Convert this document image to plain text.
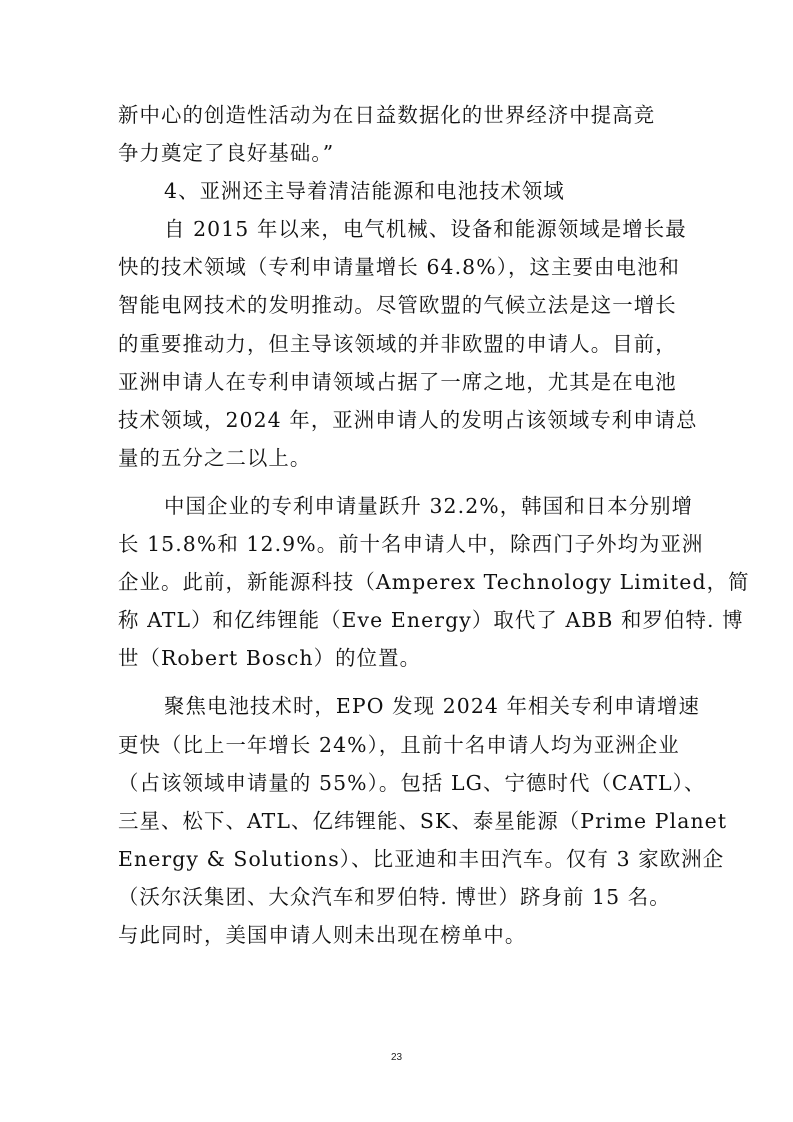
新中心的创造性活动为在日益数据化的世界经济中提高竞
争力奠定了良好基础。”
4、亚洲还主导着清洁能源和电池技术领域
自 2015 年以来，电气机械、设备和能源领域是增长最
快的技术领域（专利申请量增长 64.8%），这主要由电池和
智能电网技术的发明推动。尽管欧盟的气候立法是这一增长
的重要推动力，但主导该领域的并非欧盟的申请人。目前，
亚洲申请人在专利申请领域占据了一席之地，尤其是在电池
技术领域，2024 年，亚洲申请人的发明占该领域专利申请总
量的五分之二以上。
中国企业的专利申请量跃升 32.2%，韩国和日本分别增
长 15.8%和 12.9%。前十名申请人中，除西门子外均为亚洲
企业。此前，新能源科技（Amperex Technology Limited，简
称 ATL）和亿纬锂能（Eve Energy）取代了 ABB 和罗伯特. 博
世（Robert Bosch）的位置。
聚焦电池技术时，EPO 发现 2024 年相关专利申请增速
更快（比上一年增长 24%），且前十名申请人均为亚洲企业
（占该领域申请量的 55%）。包括 LG、宁德时代（CATL）、
三星、松下、ATL、亿纬锂能、SK、泰星能源（Prime Planet
Energy & Solutions）、比亚迪和丰田汽车。仅有 3 家欧洲企
（沃尔沃集团、大众汽车和罗伯特. 博世）跻身前 15 名。
与此同时，美国申请人则未出现在榜单中。
23
